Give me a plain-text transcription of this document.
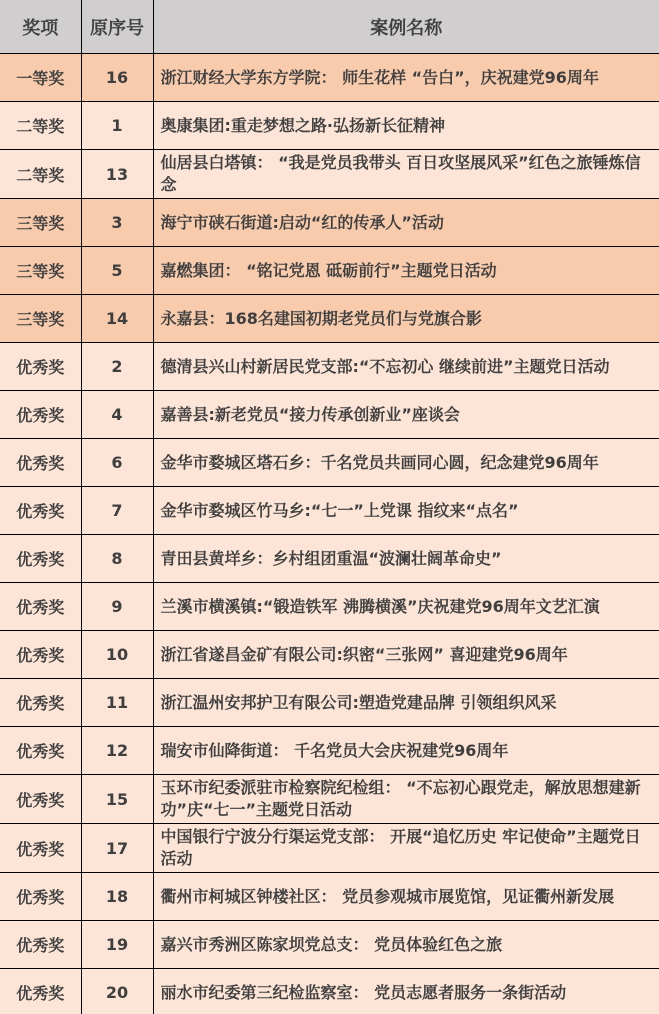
奖项	原序号	案例名称
一等奖	16	浙江财经大学东方学院： 师生花样 “告白”，庆祝建党96周年
二等奖	1	奥康集团:重走梦想之路·弘扬新长征精神
二等奖	13	仙居县白塔镇： “我是党员我带头 百日攻坚展风采”红色之旅锤炼信念
三等奖	3	海宁市硖石街道:启动“红的传承人”活动
三等奖	5	嘉燃集团： “铭记党恩 砥砺前行”主题党日活动
三等奖	14	永嘉县：168名建国初期老党员们与党旗合影
优秀奖	2	德清县兴山村新居民党支部:“不忘初心 继续前进”主题党日活动
优秀奖	4	嘉善县:新老党员“接力传承创新业”座谈会
优秀奖	6	金华市婺城区塔石乡：千名党员共画同心圆，纪念建党96周年
优秀奖	7	金华市婺城区竹马乡:“七一”上党课 指纹来“点名”
优秀奖	8	青田县黄垟乡：乡村组团重温“波澜壮阔革命史”
优秀奖	9	兰溪市横溪镇:“锻造铁军 沸腾横溪”庆祝建党96周年文艺汇演
优秀奖	10	浙江省遂昌金矿有限公司:织密“三张网” 喜迎建党96周年
优秀奖	11	浙江温州安邦护卫有限公司:塑造党建品牌 引领组织风采
优秀奖	12	瑞安市仙降街道： 千名党员大会庆祝建党96周年
优秀奖	15	玉环市纪委派驻市检察院纪检组： “不忘初心跟党走，解放思想建新功”庆“七一”主题党日活动
优秀奖	17	中国银行宁波分行渠运党支部： 开展“追忆历史 牢记使命”主题党日活动
优秀奖	18	衢州市柯城区钟楼社区： 党员参观城市展览馆，见证衢州新发展
优秀奖	19	嘉兴市秀洲区陈家坝党总支： 党员体验红色之旅
优秀奖	20	丽水市纪委第三纪检监察室： 党员志愿者服务一条街活动
